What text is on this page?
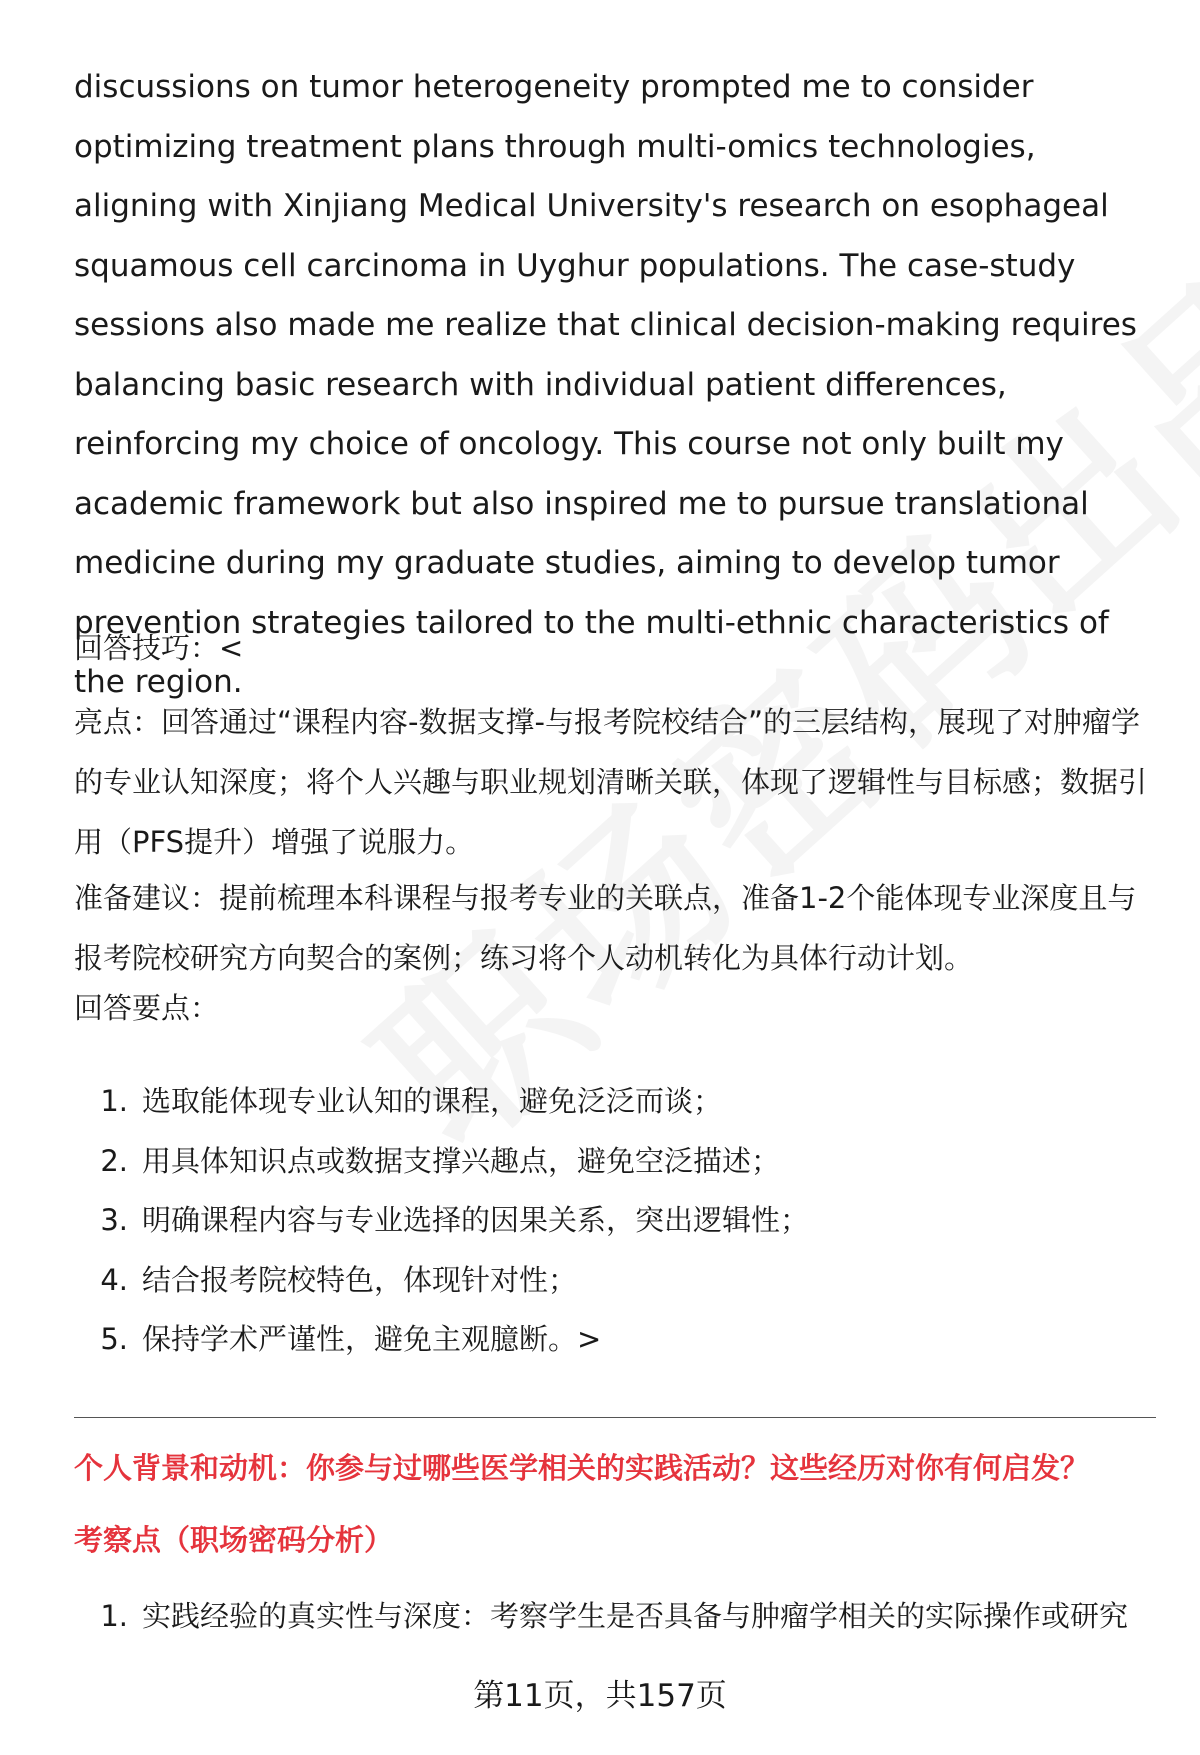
discussions on tumor heterogeneity prompted me to consider optimizing treatment plans through multi-omics technologies, aligning with Xinjiang Medical University's research on esophageal squamous cell carcinoma in Uyghur populations. The case-study sessions also made me realize that clinical decision-making requires balancing basic research with individual patient differences, reinforcing my choice of oncology. This course not only built my academic framework but also inspired me to pursue translational medicine during my graduate studies, aiming to develop tumor prevention strategies tailored to the multi-ethnic characteristics of the region.

回答技巧：<

亮点：回答通过“课程内容-数据支撑-与报考院校结合”的三层结构，展现了对肿瘤学的专业认知深度；将个人兴趣与职业规划清晰关联，体现了逻辑性与目标感；数据引用（PFS提升）增强了说服力。

准备建议：提前梳理本科课程与报考专业的关联点，准备1-2个能体现专业深度且与报考院校研究方向契合的案例；练习将个人动机转化为具体行动计划。

回答要点：

1. 选取能体现专业认知的课程，避免泛泛而谈；
2. 用具体知识点或数据支撑兴趣点，避免空泛描述；
3. 明确课程内容与专业选择的因果关系，突出逻辑性；
4. 结合报考院校特色，体现针对性；
5. 保持学术严谨性，避免主观臆断。>

个人背景和动机：你参与过哪些医学相关的实践活动？这些经历对你有何启发？

考察点（职场密码分析）

1. 实践经验的真实性与深度：考察学生是否具备与肿瘤学相关的实际操作或研究
第11页，共157页
